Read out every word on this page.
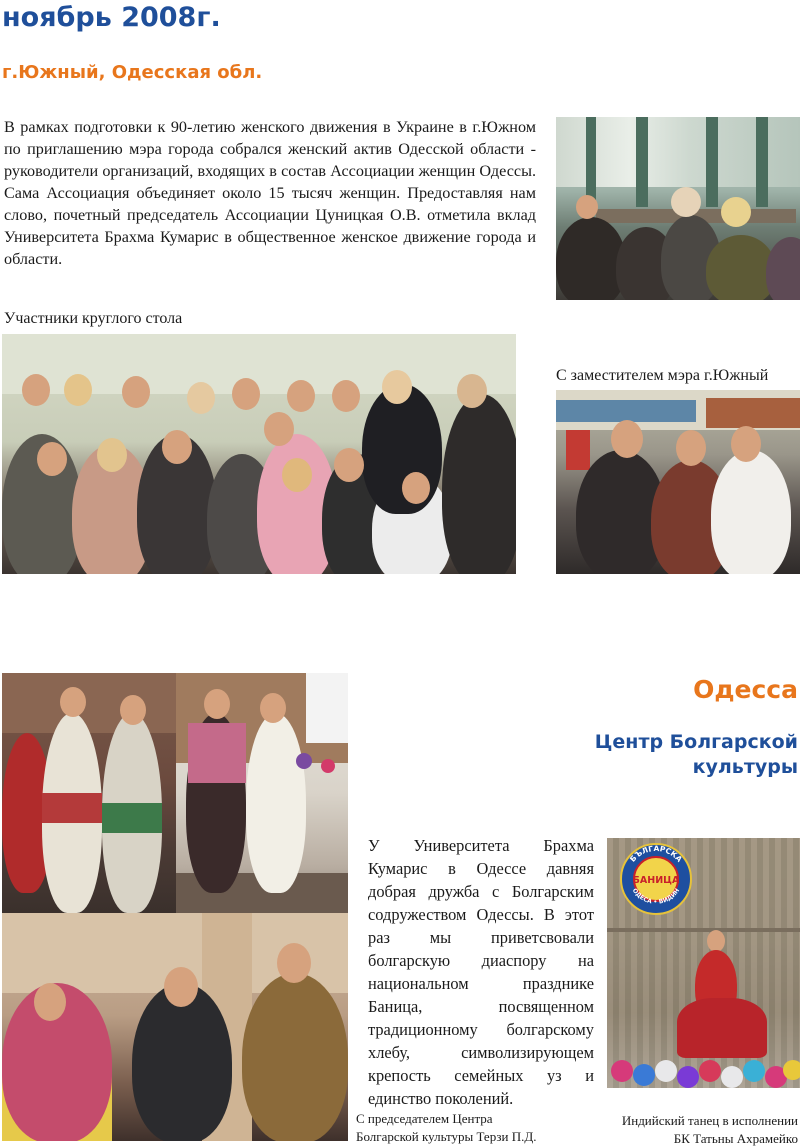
ноябрь 2008г.
г.Южный, Одесская обл.

В рамках подготовки к 90-летию женского движения в Украине в г.Южном по приглашению мэра города собрался женский актив Одесской области - руководители организаций, входящих в состав Ассоциации женщин Одессы. Сама Ассоциация объединяет около 15 тысяч женщин. Предоставляя нам слово, почетный председатель Ассоциации Цуницкая О.В. отметила вклад Университета Брахма Кумарис в общественное женское движение города и области.

Участники круглого стола
С заместителем мэра г.Южный
Одесса
Центр Болгарской
культуры

У Университета Брахма Кумарис в Одессе давняя добрая дружба с Болгарским содружеством Одессы. В этот раз мы приветсвовали болгарскую диаспору на национальном празднике Баница, посвященном традиционному болгарскому хлебу, символизирующем крепость семейных уз и единство поколений.

БЪЛГАРСКА
ОДЕСА • ВИДИН
БАНИЦА
С председателем Центра
Болгарской культуры Терзи П.Д.
Индийский танец в исполнении
БК Татьны Ахрамейко
